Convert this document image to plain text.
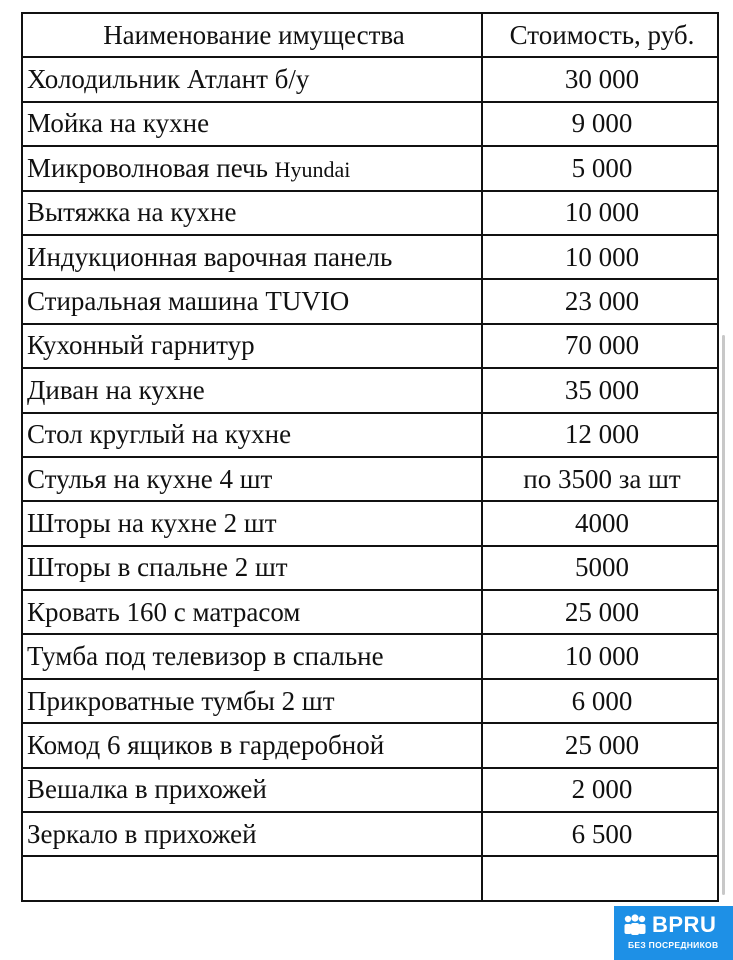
Наименование имущества	Стоимость, руб.
Холодильник Атлант б/у	30 000
Мойка на кухне	9 000
Микроволновая печь Hyundai	5 000
Вытяжка на кухне	10 000
Индукционная варочная панель	10 000
Стиральная машина TUVIO	23 000
Кухонный гарнитур	70 000
Диван на кухне	35 000
Стол круглый на кухне	12 000
Стулья на кухне 4 шт	по 3500 за шт
Шторы на кухне 2 шт	4000
Шторы в спальне 2 шт	5000
Кровать 160 с матрасом	25 000
Тумба под телевизор в спальне	10 000
Прикроватные тумбы 2 шт	6 000
Комод 6 ящиков в гардеробной	25 000
Вешалка в прихожей	2 000
Зеркало в прихожей	6 500

BPRU
БЕЗ ПОСРЕДНИКОВ
